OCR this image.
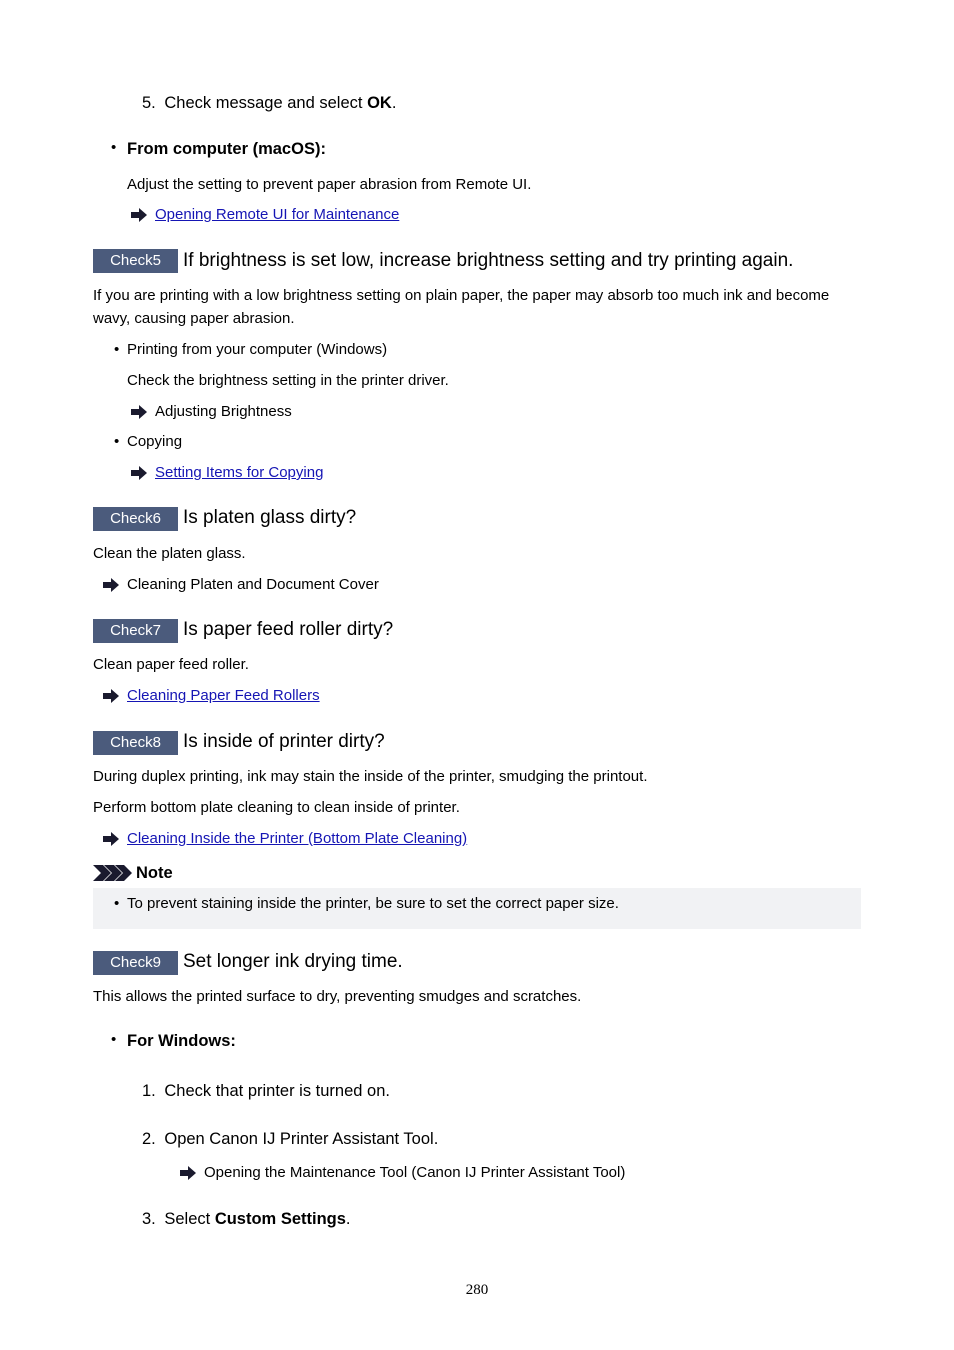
5. Check message and select OK.
• From computer (macOS):
Adjust the setting to prevent paper abrasion from Remote UI.
Opening Remote UI for Maintenance
Check5	If brightness is set low, increase brightness setting and try printing again.
If you are printing with a low brightness setting on plain paper, the paper may absorb too much ink and become
wavy, causing paper abrasion.
• Printing from your computer (Windows)
Check the brightness setting in the printer driver.
Adjusting Brightness
• Copying
Setting Items for Copying
Check6	Is platen glass dirty?
Clean the platen glass.
Cleaning Platen and Document Cover
Check7	Is paper feed roller dirty?
Clean paper feed roller.
Cleaning Paper Feed Rollers
Check8	Is inside of printer dirty?
During duplex printing, ink may stain the inside of the printer, smudging the printout.
Perform bottom plate cleaning to clean inside of printer.
Cleaning Inside the Printer (Bottom Plate Cleaning)
Note
• To prevent staining inside the printer, be sure to set the correct paper size.
Check9	Set longer ink drying time.
This allows the printed surface to dry, preventing smudges and scratches.
• For Windows:
1. Check that printer is turned on.
2. Open Canon IJ Printer Assistant Tool.
Opening the Maintenance Tool (Canon IJ Printer Assistant Tool)
3. Select Custom Settings.
280
